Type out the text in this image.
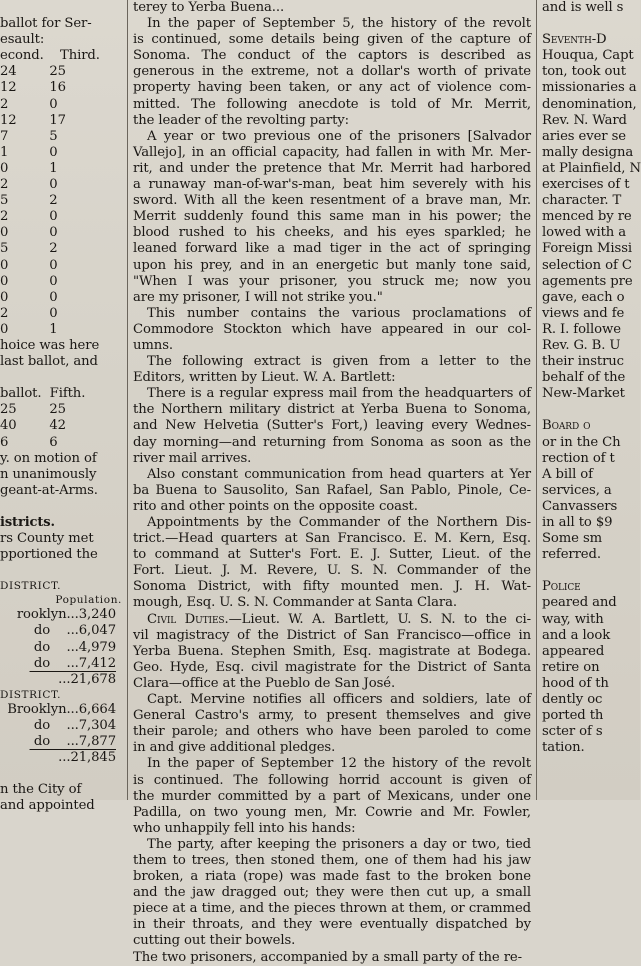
ballot for Ser-
esault:
econd.    Third.
24        25
12        16
2          0
12        17
7          5
1          0
0          1
2          0
5          2
2          0
0          0
5          2
0          0
0          0
0          0
2          0
0          1
hoice was here
last ballot, and

ballot.  Fifth.
25        25
40        42
6          6
y. on motion of
n unanimously
geant-at-Arms.

istricts.
rs County met
pportioned the

DISTRICT.
Population.
rooklyn...3,240
do    ...6,047
do    ...4,979
do    ...7,412
...21,678
DISTRICT.
Brooklyn...6,664
do    ...7,304
do    ...7,877
...21,845

n the City of
and appointed
terey to Yerba Buena...
In the paper of September 5, the history of the revolt
is continued, some details being given of the capture of
Sonoma. The conduct of the captors is described as
generous in the extreme, not a dollar's worth of private
property having been taken, or any act of violence com-
mitted. The following anecdote is told of Mr. Merrit,
the leader of the revolting party:
A year or two previous one of the prisoners [Salvador
Vallejo], in an official capacity, had fallen in with Mr. Mer-
rit, and under the pretence that Mr. Merrit had harbored
a runaway man-of-war's-man, beat him severely with his
sword. With all the keen resentment of a brave man, Mr.
Merrit suddenly found this same man in his power; the
blood rushed to his cheeks, and his eyes sparkled; he
leaned forward like a mad tiger in the act of springing
upon his prey, and in an energetic but manly tone said,
"When I was your prisoner, you struck me; now you
are my prisoner, I will not strike you."
This number contains the various proclamations of
Commodore Stockton which have appeared in our col-
umns.
The following extract is given from a letter to the
Editors, written by Lieut. W. A. Bartlett:
There is a regular express mail from the headquarters of
the Northern military district at Yerba Buena to Sonoma,
and New Helvetia (Sutter's Fort,) leaving every Wednes-
day morning—and returning from Sonoma as soon as the
river mail arrives.
Also constant communication from head quarters at Yer
ba Buena to Sausolito, San Rafael, San Pablo, Pinole, Ce-
rito and other points on the opposite coast.
Appointments by the Commander of the Northern Dis-
trict.—Head quarters at San Francisco. E. M. Kern, Esq.
to command at Sutter's Fort. E. J. Sutter, Lieut. of the
Fort. Lieut. J. M. Revere, U. S. N. Commander of the
Sonoma District, with fifty mounted men. J. H. Wat-
mough, Esq. U. S. N. Commander at Santa Clara.
Civil Duties.—Lieut. W. A. Bartlett, U. S. N. to the ci-
vil magistracy of the District of San Francisco—office in
Yerba Buena. Stephen Smith, Esq. magistrate at Bodega.
Geo. Hyde, Esq. civil magistrate for the District of Santa
Clara—office at the Pueblo de San José.
Capt. Mervine notifies all officers and soldiers, late of
General Castro's army, to present themselves and give
their parole; and others who have been paroled to come
in and give additional pledges.
In the paper of September 12 the history of the revolt
is continued. The following horrid account is given of
the murder committed by a part of Mexicans, under one
Padilla, on two young men, Mr. Cowrie and Mr. Fowler,
who unhappily fell into his hands:
The party, after keeping the prisoners a day or two, tied
them to trees, then stoned them, one of them had his jaw
broken, a riata (rope) was made fast to the broken bone
and the jaw dragged out; they were then cut up, a small
piece at a time, and the pieces thrown at them, or crammed
in their throats, and they were eventually dispatched by
cutting out their bowels.
The two prisoners, accompanied by a small party of the re-
and is well s

Seventh-D
Houqua, Capt
ton, took out
missionaries a
denomination,
Rev. N. Ward
aries ever se
mally designa
at Plainfield, N
exercises of t
character. T
menced by re
lowed with a
Foreign Missi
selection of C
agements pre
gave, each o
views and fe
R. I. followe
Rev. G. B. U
their instruc
behalf of the
New-Market

Board o
or in the Ch
rection of t
A bill of
services, a
Canvassers
in all to $9
Some sm
referred.

Police
peared and
way, with
and a look
appeared
retire on
hood of th
dently oc
ported th
scter of s
tation.
